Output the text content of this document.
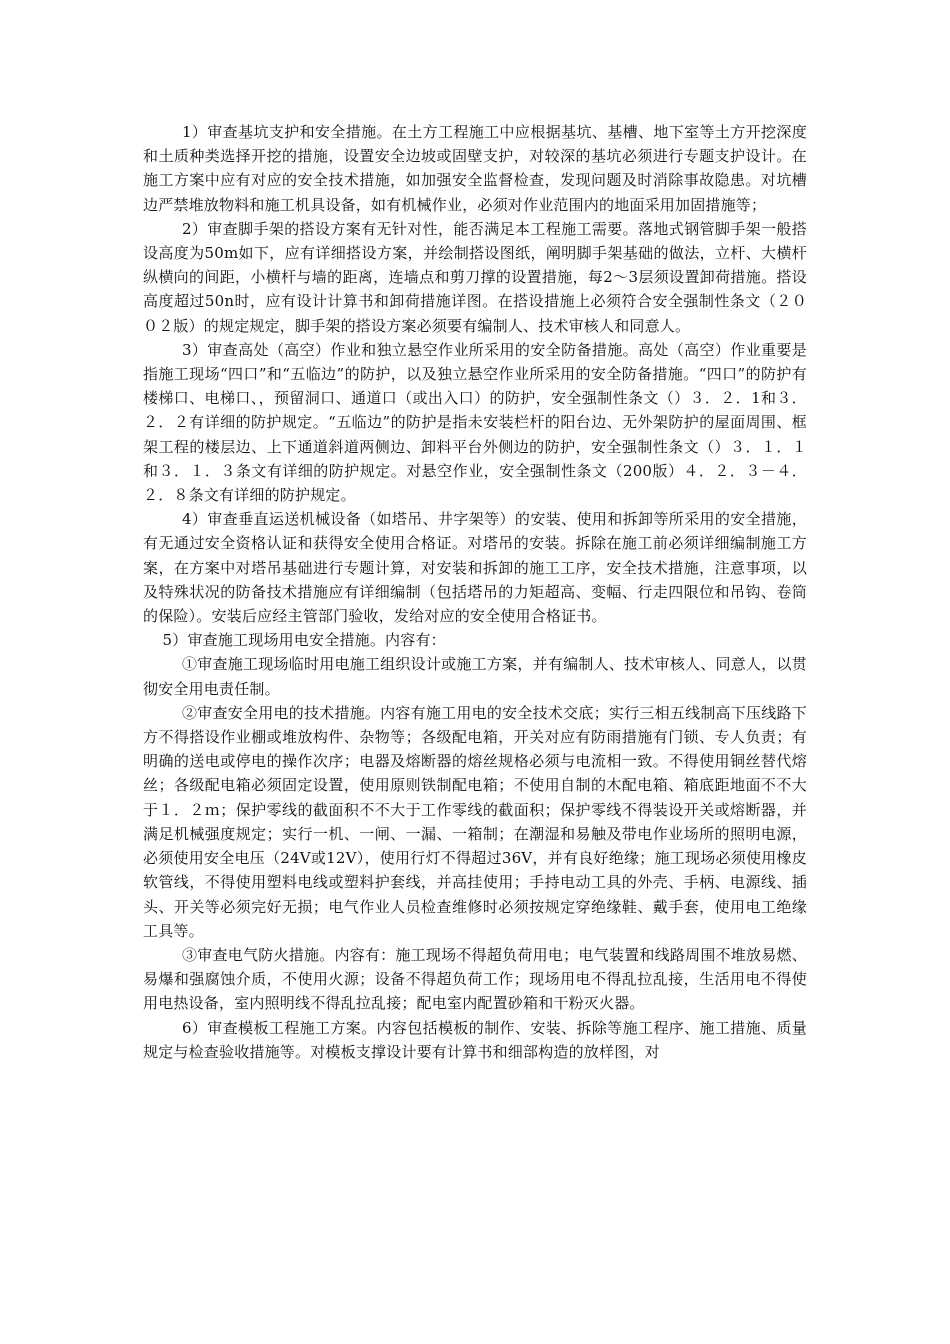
1）审查基坑支护和安全措施。在土方工程施工中应根据基坑、基槽、地下室等土方开挖深度和土质种类选择开挖的措施，设置安全边坡或固壁支护，对较深的基坑必须进行专题支护设计。在施工方案中应有对应的安全技术措施，如加强安全监督检查，发现问题及时消除事故隐患。对坑槽边严禁堆放物料和施工机具设备，如有机械作业，必须对作业范围内的地面采用加固措施等；

2）审查脚手架的搭设方案有无针对性，能否满足本工程施工需要。落地式钢管脚手架一般搭设高度为50m如下，应有详细搭设方案，并绘制搭设图纸，阐明脚手架基础的做法，立杆、大横杆纵横向的间距，小横杆与墙的距离，连墙点和剪刀撑的设置措施，每2～3层须设置卸荷措施。搭设高度超过50n时，应有设计计算书和卸荷措施详图。在搭设措施上必须符合安全强制性条文（２００２版）的规定规定，脚手架的搭设方案必须要有编制人、技术审核人和同意人。

3）审查高处（高空）作业和独立悬空作业所采用的安全防备措施。高处（高空）作业重要是指施工现场“四口”和“五临边”的防护，以及独立悬空作业所采用的安全防备措施。“四口”的防护有楼梯口、电梯口、，预留洞口、通道口（或出入口）的防护，安全强制性条文（）３．２．1和３．２．２有详细的防护规定。“五临边”的防护是指未安装栏杆的阳台边、无外架防护的屋面周围、框架工程的楼层边、上下通道斜道两侧边、卸料平台外侧边的防护，安全强制性条文（）３．１．１和３．１．３条文有详细的防护规定。对悬空作业，安全强制性条文（200版）４．２．３－４．２．８条文有详细的防护规定。

4）审查垂直运送机械设备（如塔吊、井字架等）的安装、使用和拆卸等所采用的安全措施，有无通过安全资格认证和获得安全使用合格证。对塔吊的安装。拆除在施工前必须详细编制施工方案，在方案中对塔吊基础进行专题计算，对安装和拆卸的施工工序，安全技术措施，注意事项，以及特殊状况的防备技术措施应有详细编制（包括塔吊的力矩超高、变幅、行走四限位和吊钩、卷筒的保险）。安装后应经主管部门验收，发给对应的安全使用合格证书。

5）审查施工现场用电安全措施。内容有：

①审查施工现场临时用电施工组织设计或施工方案，并有编制人、技术审核人、同意人，以贯彻安全用电责任制。

②审查安全用电的技术措施。内容有施工用电的安全技术交底；实行三相五线制高下压线路下方不得搭设作业棚或堆放构件、杂物等；各级配电箱，开关对应有防雨措施有门锁、专人负责；有明确的送电或停电的操作次序；电器及熔断器的熔丝规格必须与电流相一致。不得使用铜丝替代熔丝；各级配电箱必须固定设置，使用原则铁制配电箱；不使用自制的木配电箱、箱底距地面不不大于１．２ｍ；保护零线的截面积不不大于工作零线的截面积；保护零线不得装设开关或熔断器，并满足机械强度规定；实行一机、一闸、一漏、一箱制；在潮湿和易触及带电作业场所的照明电源，必须使用安全电压（24V或12V），使用行灯不得超过36V，并有良好绝缘；施工现场必须使用橡皮软管线，不得使用塑料电线或塑料护套线，并高挂使用；手持电动工具的外壳、手柄、电源线、插头、开关等必须完好无损；电气作业人员检查维修时必须按规定穿绝缘鞋、戴手套，使用电工绝缘工具等。

③审查电气防火措施。内容有：施工现场不得超负荷用电；电气装置和线路周围不堆放易燃、易爆和强腐蚀介质，不使用火源；设备不得超负荷工作；现场用电不得乱拉乱接，生活用电不得使用电热设备，室内照明线不得乱拉乱接；配电室内配置砂箱和干粉灭火器。

6）审查模板工程施工方案。内容包括模板的制作、安装、拆除等施工程序、施工措施、质量规定与检查验收措施等。对模板支撑设计要有计算书和细部构造的放样图，对
